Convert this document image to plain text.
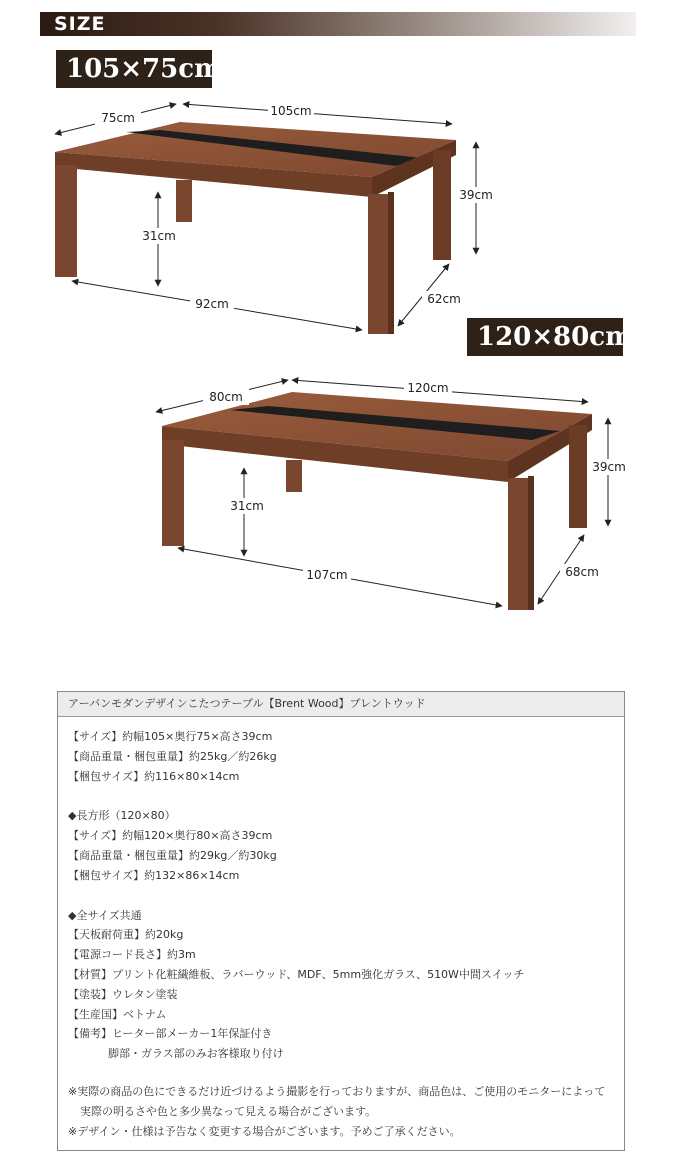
SIZE
105×75cm
120×80cm
75cm	105cm
39cm
31cm
92cm	62cm
80cm
120cm
39cm
31cm
107cm	68cm
アーバンモダンデザインこたつテーブル【Brent Wood】ブレントウッド
【サイズ】約幅105×奥行75×高さ39cm
【商品重量・梱包重量】約25kg／約26kg
【梱包サイズ】約116×80×14cm
◆長方形（120×80）
【サイズ】約幅120×奥行80×高さ39cm
【商品重量・梱包重量】約29kg／約30kg
【梱包サイズ】約132×86×14cm
◆全サイズ共通
【天板耐荷重】約20kg
【電源コード長さ】約3m
【材質】プリント化粧繊維板、ラバーウッド、MDF、5mm強化ガラス、510W中間スイッチ
【塗装】ウレタン塗装
【生産国】ベトナム
【備考】ヒーター部メーカー1年保証付き
脚部・ガラス部のみお客様取り付け
※実際の商品の色にできるだけ近づけるよう撮影を行っておりますが、商品色は、ご使用のモニターによって
実際の明るさや色と多少異なって見える場合がございます。
※デザイン・仕様は予告なく変更する場合がございます。予めご了承ください。
